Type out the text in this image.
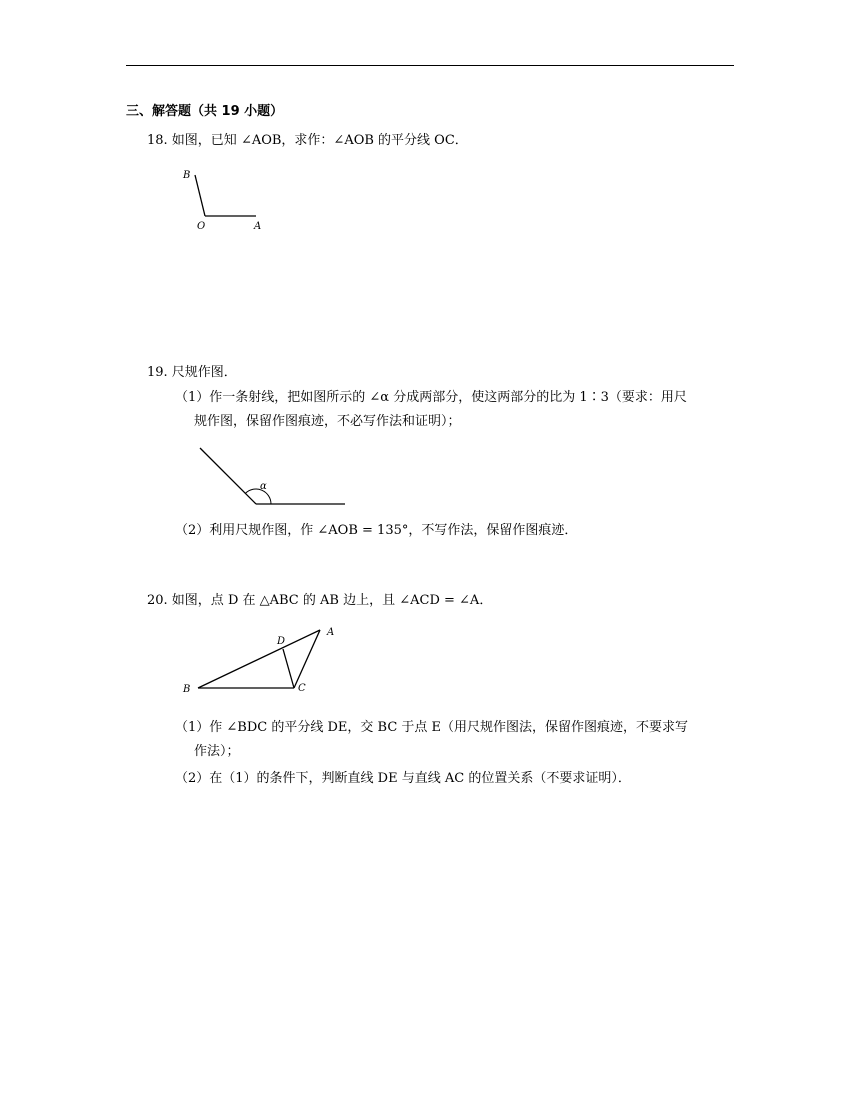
三、解答题（共 19 小题）
18. 如图，已知 ∠AOB，求作：∠AOB 的平分线 OC．
B
O	A
19. 尺规作图．
（1）作一条射线，把如图所示的 ∠α 分成两部分，使这两部分的比为 1∶3（要求：用尺
规作图，保留作图痕迹，不必写作法和证明）；
α
（2）利用尺规作图，作 ∠AOB = 135°，不写作法，保留作图痕迹．
20. 如图，点 D 在 △ABC 的 AB 边上，且 ∠ACD = ∠A．
A
B	C
D
（1）作 ∠BDC 的平分线 DE，交 BC 于点 E（用尺规作图法，保留作图痕迹，不要求写
作法）；
（2）在（1）的条件下，判断直线 DE 与直线 AC 的位置关系（不要求证明）．
